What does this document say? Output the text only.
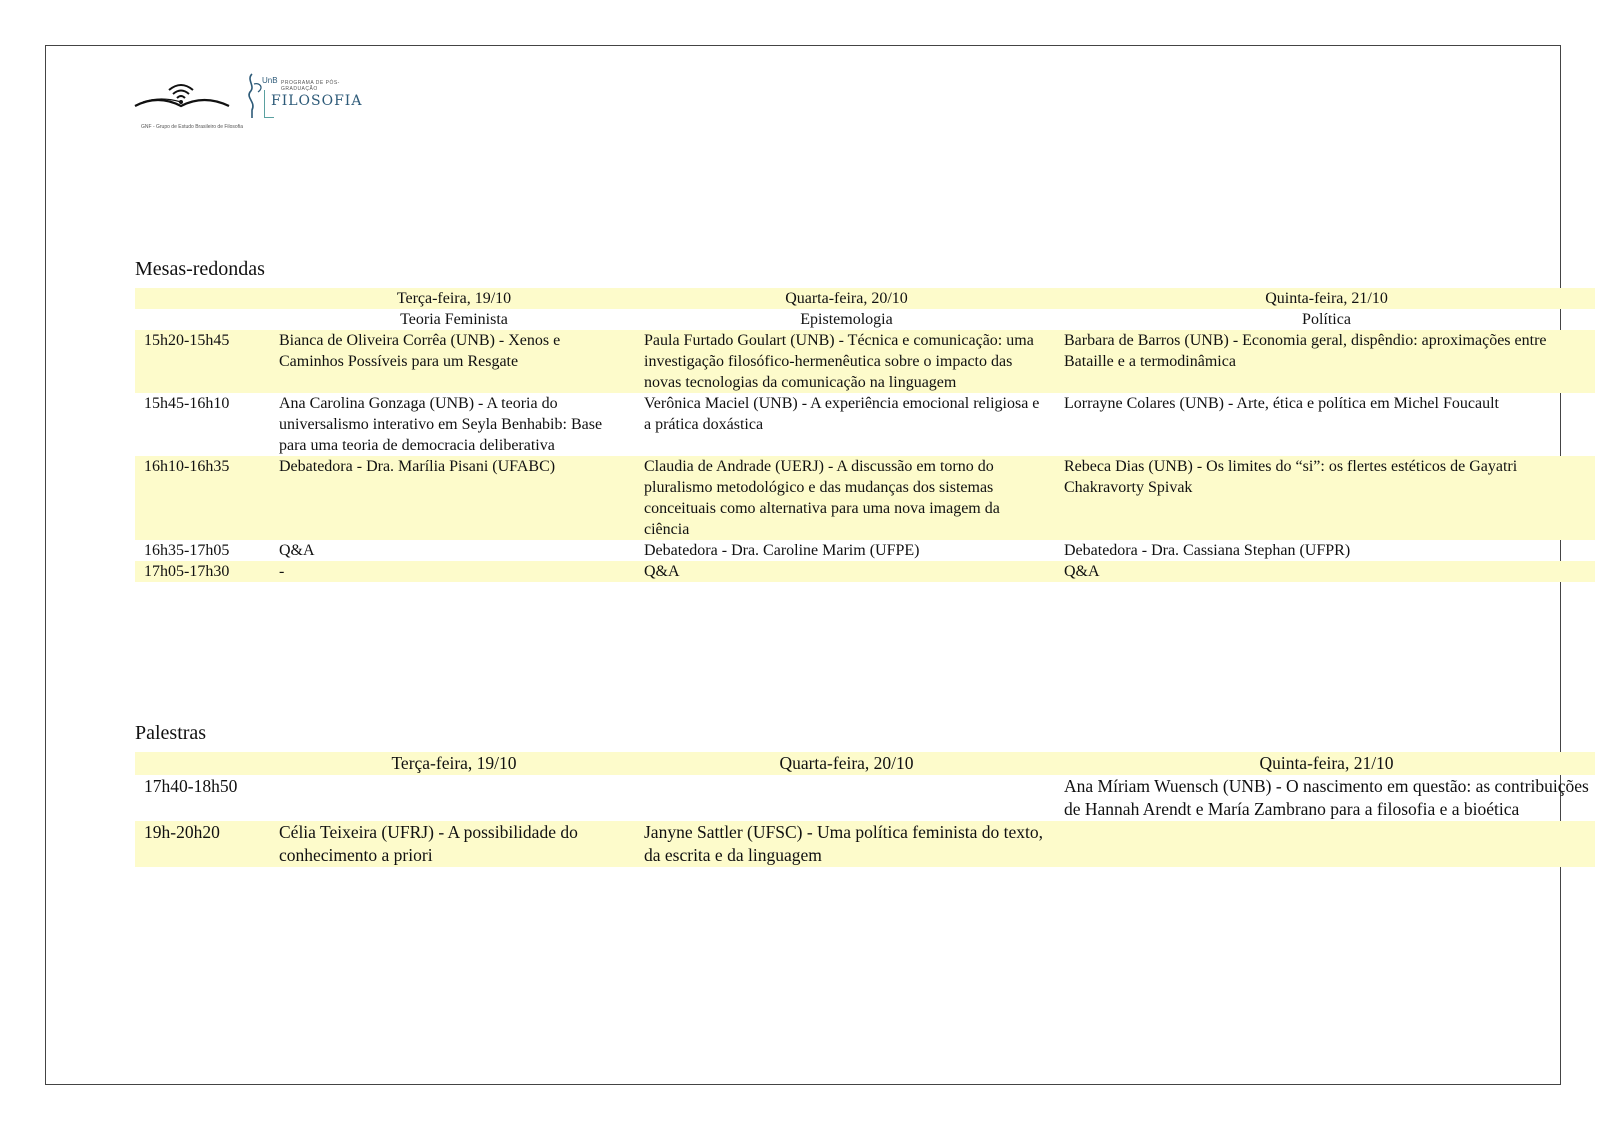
GNF - Grupo de Estudo Brasileiro de Filosofia
UnB PROGRAMA DE PÓS-GRADUAÇÃO
FILOSOFIA
Mesas-redondas
	Terça-feira, 19/10	Quarta-feira, 20/10	Quinta-feira, 21/10
	Teoria Feminista	Epistemologia	Política
15h20-15h45	Bianca de Oliveira Corrêa (UNB) - Xenos e Caminhos Possíveis para um Resgate	Paula Furtado Goulart (UNB) - Técnica e comunicação: uma investigação filosófico-hermenêutica sobre o impacto das novas tecnologias da comunicação na linguagem	Barbara de Barros (UNB) - Economia geral, dispêndio: aproximações entre Bataille e a termodinâmica
15h45-16h10	Ana Carolina Gonzaga (UNB) - A teoria do universalismo interativo em Seyla Benhabib: Base para uma teoria de democracia deliberativa	Verônica Maciel (UNB) - A experiência emocional religiosa e a prática doxástica	Lorrayne Colares (UNB) - Arte, ética e política em Michel Foucault
16h10-16h35	Debatedora - Dra. Marília Pisani (UFABC)	Claudia de Andrade (UERJ) - A discussão em torno do pluralismo metodológico e das mudanças dos sistemas conceituais como alternativa para uma nova imagem da ciência	Rebeca Dias (UNB) - Os limites do “si”: os flertes estéticos de Gayatri Chakravorty Spivak
16h35-17h05	Q&A	Debatedora - Dra. Caroline Marim (UFPE)	Debatedora - Dra. Cassiana Stephan (UFPR)
17h05-17h30	-	Q&A	Q&A
Palestras
	Terça-feira, 19/10	Quarta-feira, 20/10	Quinta-feira, 21/10
17h40-18h50			Ana Míriam Wuensch (UNB) - O nascimento em questão: as contribuições de Hannah Arendt e María Zambrano para a filosofia e a bioética
19h-20h20	Célia Teixeira (UFRJ) - A possibilidade do conhecimento a priori	Janyne Sattler (UFSC) - Uma política feminista do texto, da escrita e da linguagem	
